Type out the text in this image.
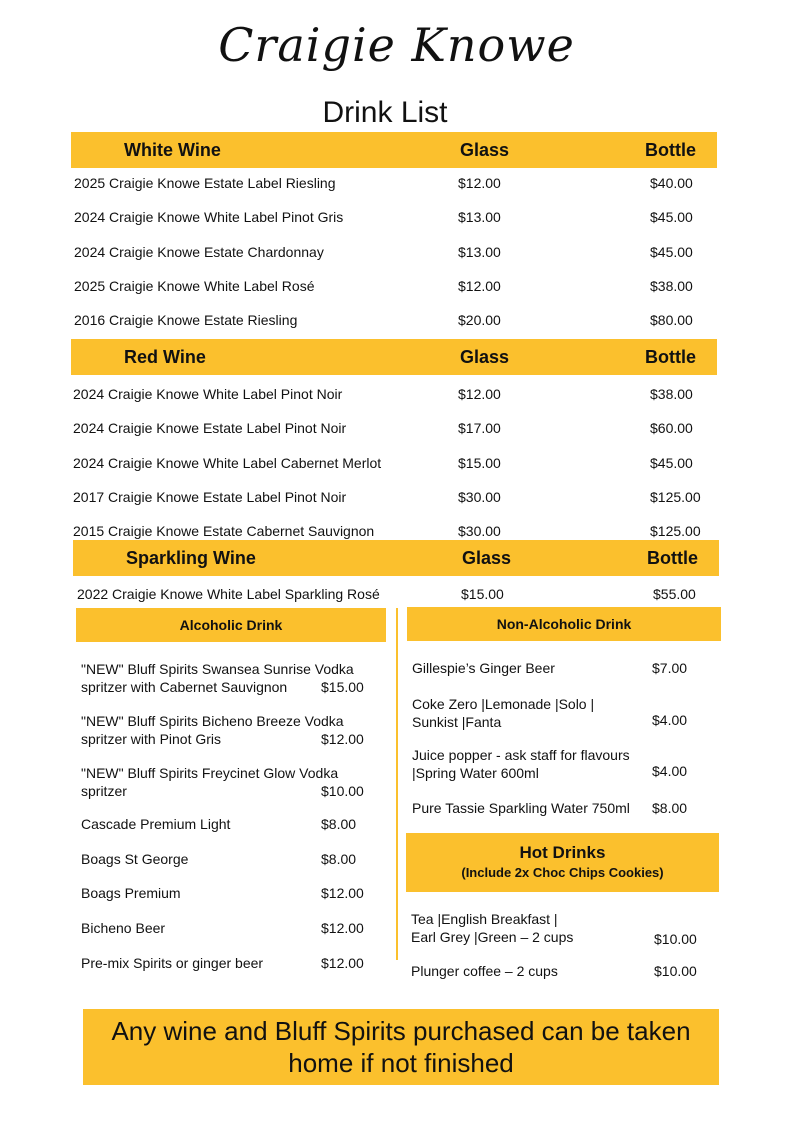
Craigie Knowe
Drink List
White Wine	Glass	Bottle
2025 Craigie Knowe Estate Label Riesling	$12.00	$40.00
2024 Craigie Knowe White Label Pinot Gris	$13.00	$45.00
2024 Craigie Knowe Estate Chardonnay	$13.00	$45.00
2025 Craigie Knowe White Label Rosé	$12.00	$38.00
2016 Craigie Knowe Estate Riesling	$20.00	$80.00
Red Wine	Glass	Bottle
2024 Craigie Knowe White Label Pinot Noir	$12.00	$38.00
2024 Craigie Knowe Estate Label Pinot Noir	$17.00	$60.00
2024 Craigie Knowe White Label Cabernet Merlot	$15.00	$45.00
2017 Craigie Knowe Estate Label Pinot Noir	$30.00	$125.00
2015 Craigie Knowe Estate Cabernet Sauvignon	$30.00	$125.00
Sparkling Wine	Glass	Bottle
2022 Craigie Knowe White Label Sparkling Rosé	$15.00	$55.00
Alcoholic Drink
"NEW" Bluff Spirits Swansea Sunrise Vodka
spritzer with Cabernet Sauvignon	$15.00
"NEW" Bluff Spirits Bicheno Breeze Vodka
spritzer with Pinot Gris	$12.00
"NEW" Bluff Spirits Freycinet Glow Vodka
spritzer	$10.00
Cascade Premium Light	$8.00
Boags St George	$8.00
Boags Premium	$12.00
Bicheno Beer	$12.00
Pre-mix Spirits or ginger beer	$12.00
Non-Alcoholic Drink
Gillespie’s Ginger Beer	$7.00
Coke Zero |Lemonade |Solo |
Sunkist |Fanta	$4.00
Juice popper - ask staff for flavours
|Spring Water 600ml	$4.00
Pure Tassie Sparkling Water 750ml $8.00
Hot Drinks
(Include 2x Choc Chips Cookies)
Tea |English Breakfast |
Earl Grey |Green – 2 cups	$10.00
Plunger coffee – 2 cups	$10.00
Any wine and Bluff Spirits purchased can be taken
home if not finished
